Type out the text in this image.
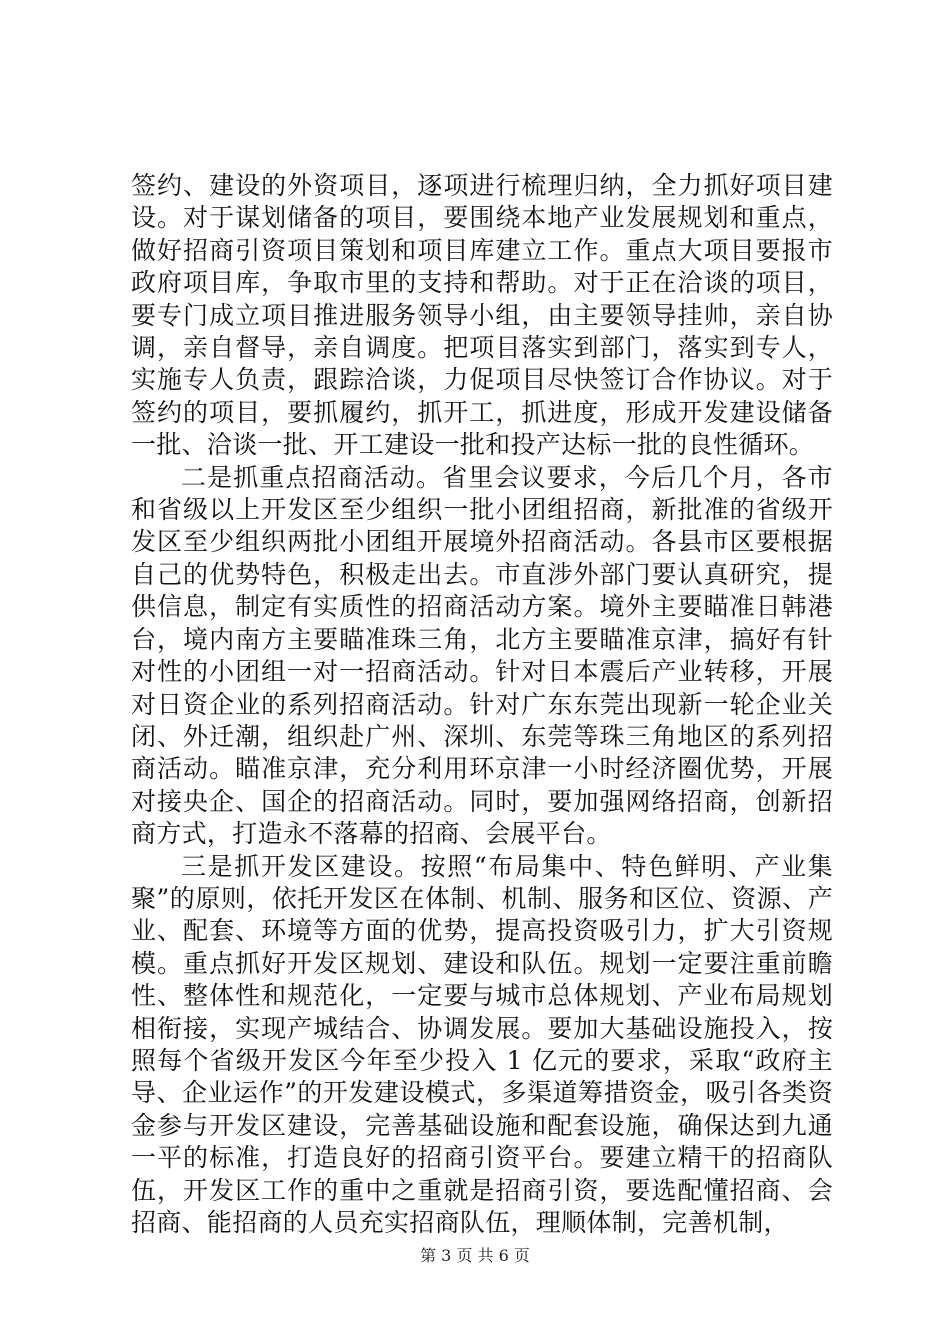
签约、建设的外资项目，逐项进行梳理归纳，全力抓好项目建设。对于谋划储备的项目，要围绕本地产业发展规划和重点，做好招商引资项目策划和项目库建立工作。重点大项目要报市政府项目库，争取市里的支持和帮助。对于正在洽谈的项目，要专门成立项目推进服务领导小组，由主要领导挂帅，亲自协调，亲自督导，亲自调度。把项目落实到部门，落实到专人，实施专人负责，跟踪洽谈，力促项目尽快签订合作协议。对于签约的项目，要抓履约，抓开工，抓进度，形成开发建设储备一批、洽谈一批、开工建设一批和投产达标一批的良性循环。

二是抓重点招商活动。省里会议要求，今后几个月，各市和省级以上开发区至少组织一批小团组招商，新批准的省级开发区至少组织两批小团组开展境外招商活动。各县市区要根据自己的优势特色，积极走出去。市直涉外部门要认真研究，提供信息，制定有实质性的招商活动方案。境外主要瞄准日韩港台，境内南方主要瞄准珠三角，北方主要瞄准京津，搞好有针对性的小团组一对一招商活动。针对日本震后产业转移，开展对日资企业的系列招商活动。针对广东东莞出现新一轮企业关闭、外迁潮，组织赴广州、深圳、东莞等珠三角地区的系列招商活动。瞄准京津，充分利用环京津一小时经济圈优势，开展对接央企、国企的招商活动。同时，要加强网络招商，创新招商方式，打造永不落幕的招商、会展平台。

三是抓开发区建设。按照“布局集中、特色鲜明、产业集聚”的原则，依托开发区在体制、机制、服务和区位、资源、产业、配套、环境等方面的优势，提高投资吸引力，扩大引资规模。重点抓好开发区规划、建设和队伍。规划一定要注重前瞻性、整体性和规范化，一定要与城市总体规划、产业布局规划相衔接，实现产城结合、协调发展。要加大基础设施投入，按照每个省级开发区今年至少投入 1 亿元的要求，采取“政府主导、企业运作”的开发建设模式，多渠道筹措资金，吸引各类资金参与开发区建设，完善基础设施和配套设施，确保达到九通一平的标准，打造良好的招商引资平台。要建立精干的招商队伍，开发区工作的重中之重就是招商引资，要选配懂招商、会招商、能招商的人员充实招商队伍，理顺体制，完善机制，

第 3 页 共 6 页
